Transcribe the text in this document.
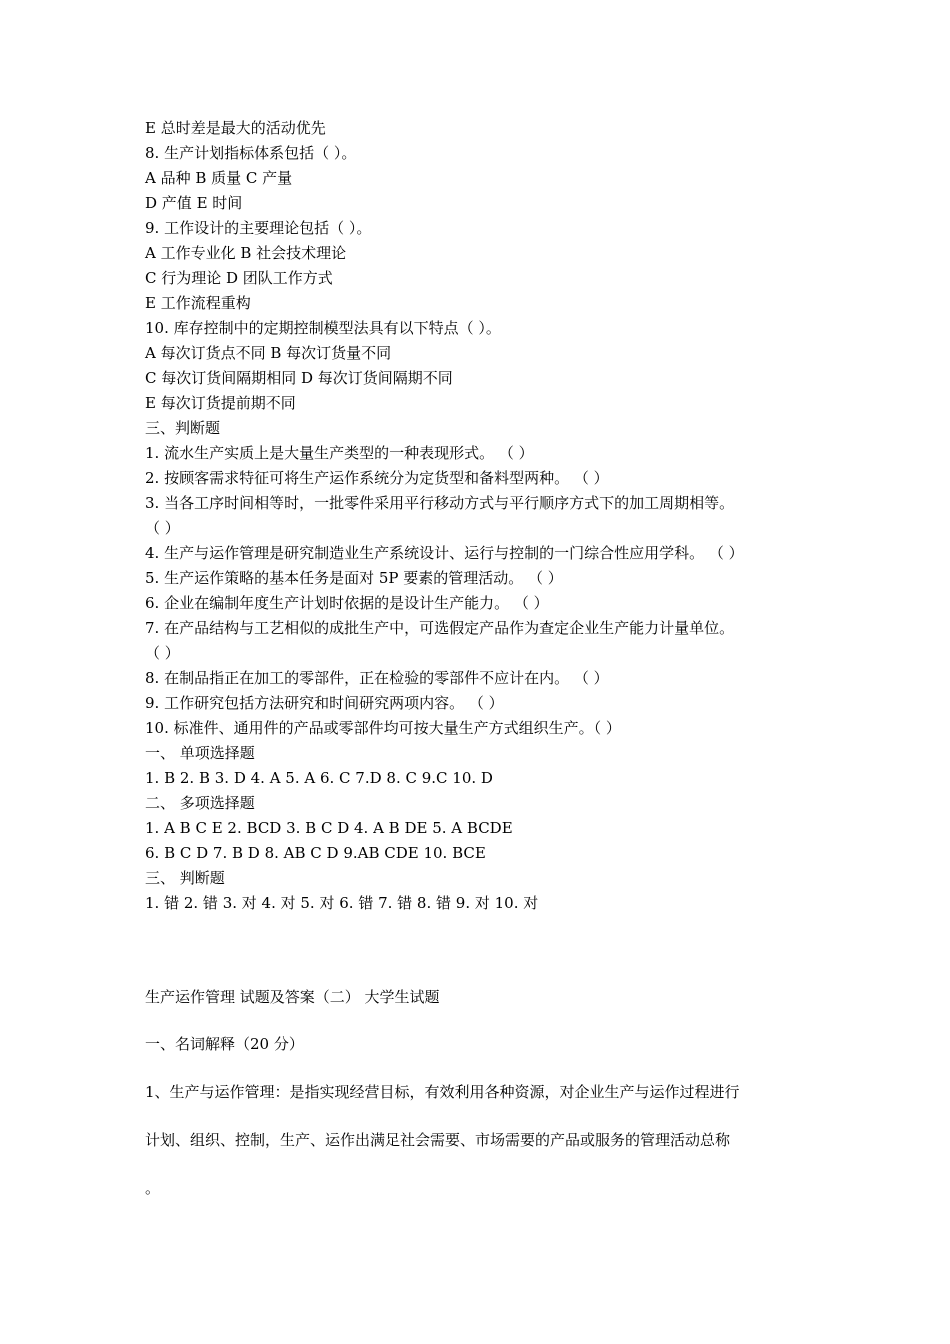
E 总时差是最大的活动优先
8. 生产计划指标体系包括（ ）。
A 品种 B 质量 C 产量
D 产值 E 时间
9. 工作设计的主要理论包括（ ）。
A 工作专业化 B 社会技术理论
C 行为理论 D 团队工作方式
E 工作流程重构
10. 库存控制中的定期控制模型法具有以下特点（ ）。
A 每次订货点不同 B 每次订货量不同
C 每次订货间隔期相同 D 每次订货间隔期不同
E 每次订货提前期不同
三、判断题
1. 流水生产实质上是大量生产类型的一种表现形式。 （ ）
2. 按顾客需求特征可将生产运作系统分为定货型和备料型两种。 （ ）
3. 当各工序时间相等时，一批零件采用平行移动方式与平行顺序方式下的加工周期相等。
（ ）
4. 生产与运作管理是研究制造业生产系统设计、运行与控制的一门综合性应用学科。 （ ）
5. 生产运作策略的基本任务是面对 5P 要素的管理活动。 （ ）
6. 企业在编制年度生产计划时依据的是设计生产能力。 （ ）
7. 在产品结构与工艺相似的成批生产中，可选假定产品作为查定企业生产能力计量单位。
（ ）
8. 在制品指正在加工的零部件，正在检验的零部件不应计在内。 （ ）
9. 工作研究包括方法研究和时间研究两项内容。 （ ）
10. 标准件、通用件的产品或零部件均可按大量生产方式组织生产。（ ）
一、 单项选择题
1. B 2. B 3. D 4. A 5. A 6. C 7.D 8. C 9.C 10. D
二、 多项选择题
1. A B C E 2. BCD 3. B C D 4. A B DE 5. A BCDE
6. B C D 7. B D 8. AB C D 9.AB CDE 10. BCE
三、 判断题
1. 错 2. 错 3. 对 4. 对 5. 对 6. 错 7. 错 8. 错 9. 对 10. 对
生产运作管理 试题及答案（二） 大学生试题
一、名词解释（20 分）
1、生产与运作管理：是指实现经营目标，有效利用各种资源，对企业生产与运作过程进行
计划、组织、控制，生产、运作出满足社会需要、市场需要的产品或服务的管理活动总称
。
